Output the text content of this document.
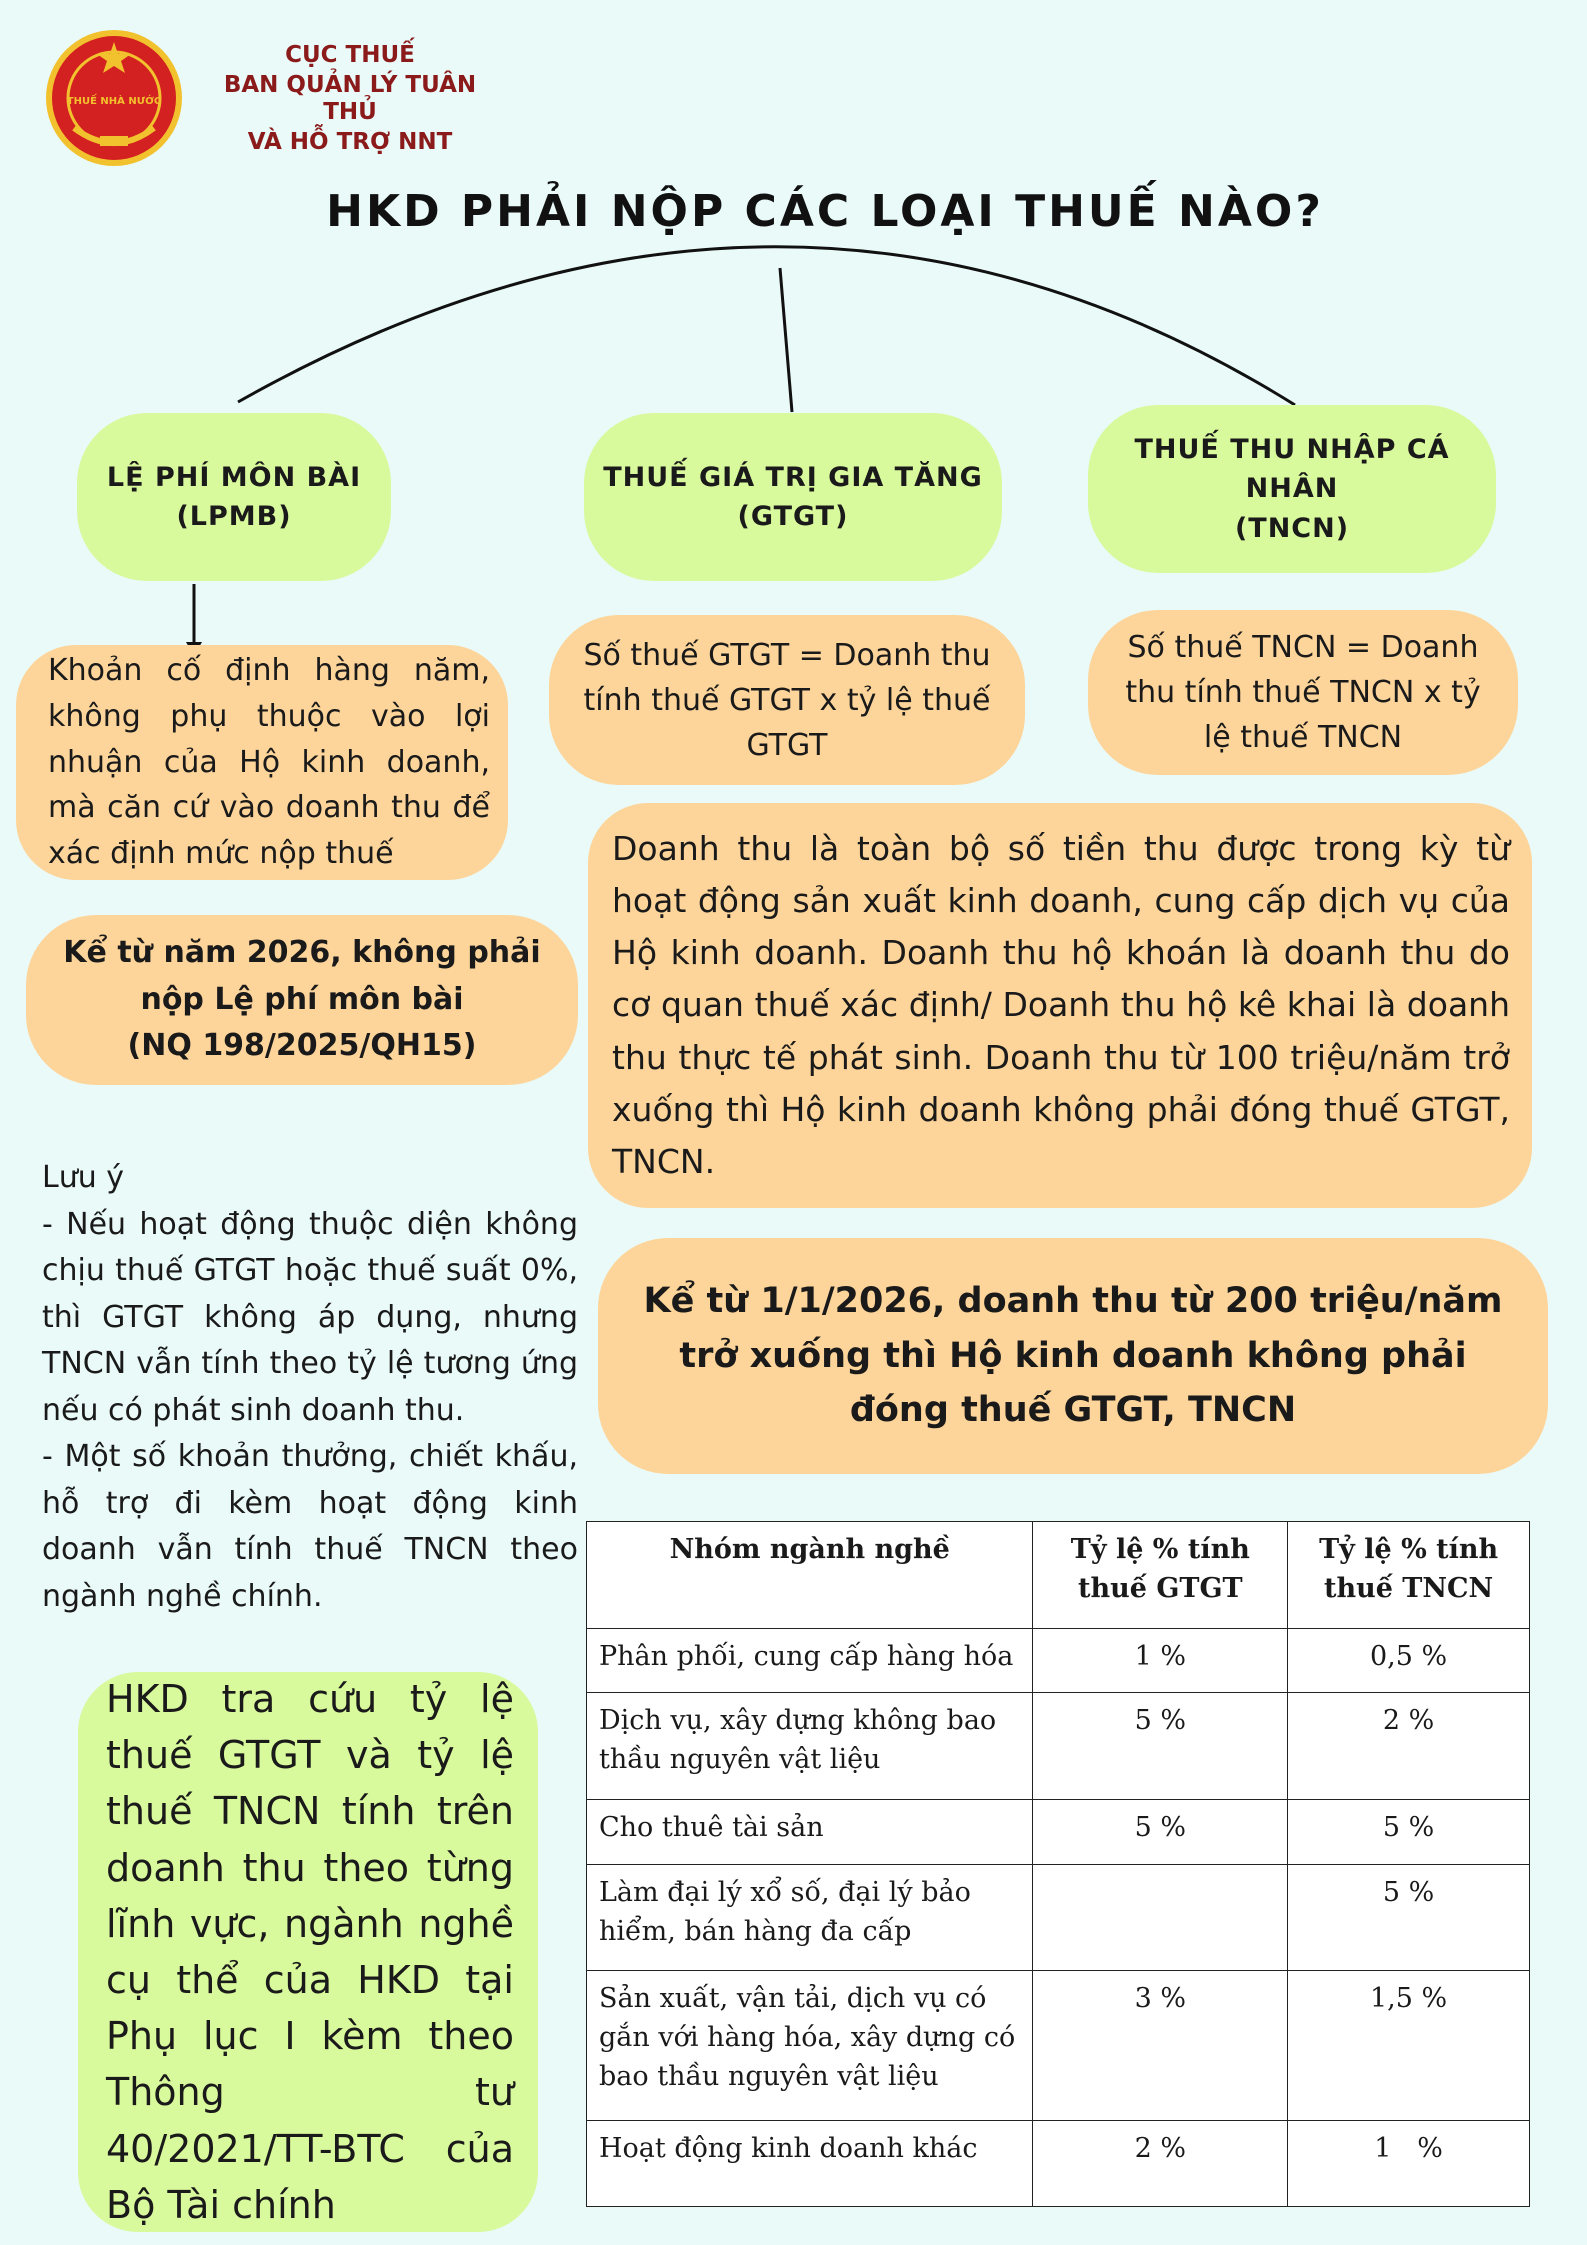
THUẾ NHÀ NƯỚC
CỤC THUẾ
BAN QUẢN LÝ TUÂN THỦ
VÀ HỖ TRỢ NNT
HKD PHẢI NỘP CÁC LOẠI THUẾ NÀO?
LỆ PHÍ MÔN BÀI
(LPMB)
THUẾ GIÁ TRỊ GIA TĂNG
(GTGT)
THUẾ THU NHẬP CÁ NHÂN
(TNCN)
Khoản cố định hàng năm, không phụ thuộc vào lợi nhuận của Hộ kinh doanh, mà căn cứ vào doanh thu để xác định mức nộp thuế
Số thuế GTGT = Doanh thu tính thuế GTGT x tỷ lệ thuế GTGT
Số thuế TNCN = Doanh thu tính thuế TNCN x tỷ lệ thuế TNCN
Kể từ năm 2026, không phải
nộp Lệ phí môn bài
(NQ 198/2025/QH15)
Doanh thu là toàn bộ số tiền thu được trong kỳ từ hoạt động sản xuất kinh doanh, cung cấp dịch vụ của Hộ kinh doanh. Doanh thu hộ khoán là doanh thu do cơ quan thuế xác định/ Doanh thu hộ kê khai là doanh thu thực tế phát sinh. Doanh thu từ 100 triệu/năm trở xuống thì Hộ kinh doanh không phải đóng thuế GTGT, TNCN.
Lưu ý
- Nếu hoạt động thuộc diện không chịu thuế GTGT hoặc thuế suất 0%, thì GTGT không áp dụng, nhưng TNCN vẫn tính theo tỷ lệ tương ứng nếu có phát sinh doanh thu.
- Một số khoản thưởng, chiết khấu, hỗ trợ đi kèm hoạt động kinh doanh vẫn tính thuế TNCN theo ngành nghề chính.
Kể từ 1/1/2026, doanh thu từ 200 triệu/năm trở xuống thì Hộ kinh doanh không phải đóng thuế GTGT, TNCN
HKD tra cứu tỷ lệ thuế GTGT và tỷ lệ thuế TNCN tính trên doanh thu theo từng lĩnh vực, ngành nghề cụ thể của HKD tại Phụ lục I kèm theo Thông tư 40/2021/TT-BTC của Bộ Tài chính
Nhóm ngành nghề	Tỷ lệ % tính thuế GTGT	Tỷ lệ % tính thuế TNCN
Phân phối, cung cấp hàng hóa	1 %	0,5 %
Dịch vụ, xây dựng không bao thầu nguyên vật liệu	5 %	2 %
Cho thuê tài sản	5 %	5 %
Làm đại lý xổ số, đại lý bảo hiểm, bán hàng đa cấp		5 %
Sản xuất, vận tải, dịch vụ có gắn với hàng hóa, xây dựng có bao thầu nguyên vật liệu	3 %	1,5 %
Hoạt động kinh doanh khác	2 %	1   %
